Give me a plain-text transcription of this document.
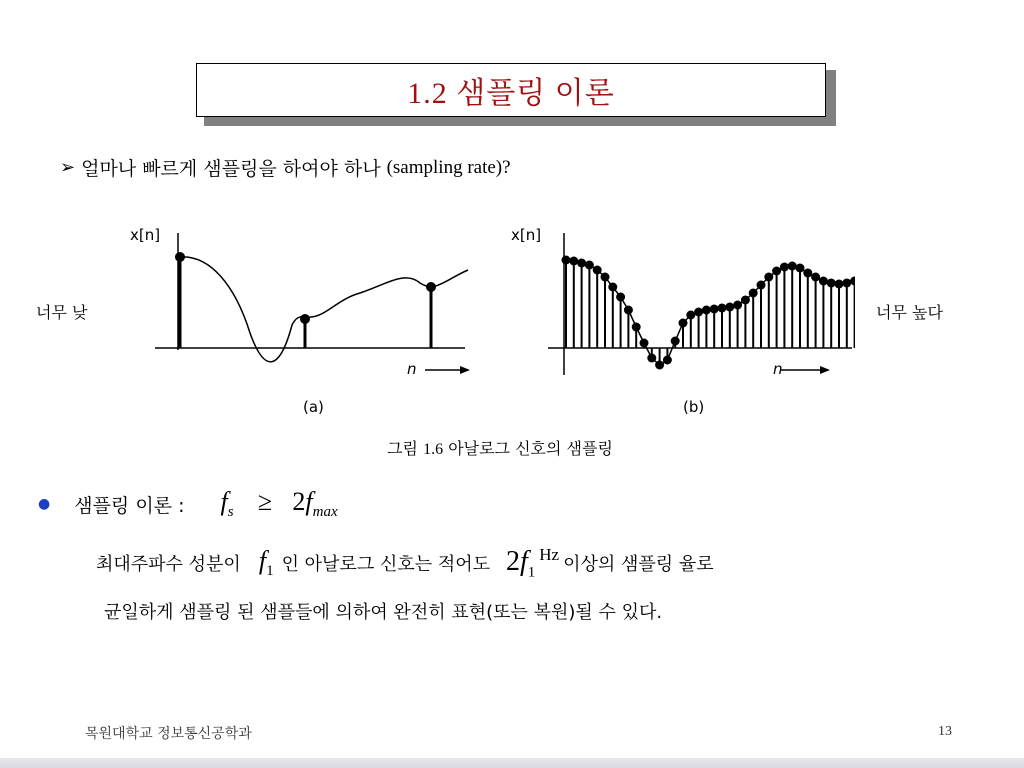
1.2 샘플링 이론
➢ 얼마나 빠르게 샘플링을 하여야 하나 (sampling rate)?
너무 낮	너무 높다
x[n]
n
(a)
x[n]
n
(b)
그림 1.6 아날로그 신호의 샘플링
● 샘플링 이론 : $f_s \ge 2f_{max}$
최대주파수 성분이 $f_1$ 인 아날로그 신호는 적어도 $2f_1$
Hz 이상의 샘플링 율로
균일하게 샘플링 된 샘플들에 의하여 완전히 표현(또는 복원)될 수 있다.
목원대학교 정보통신공학과	13
